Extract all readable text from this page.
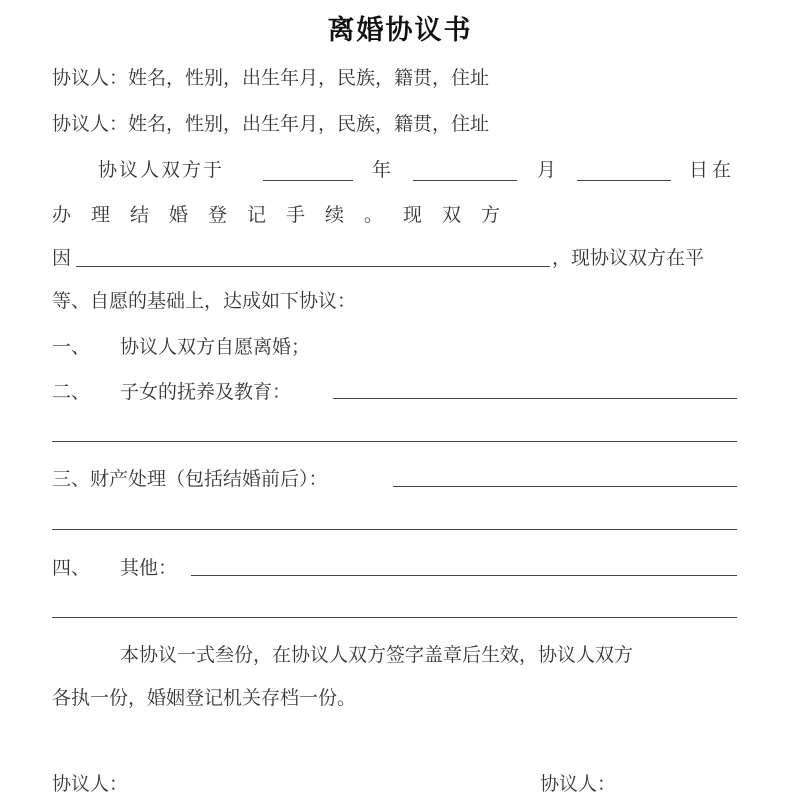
离婚协议书
协议人：姓名，性别，出生年月，民族，籍贯，住址
协议人：姓名，性别，出生年月，民族，籍贯，住址
协议人双方于	年	月	日在
办理结婚登记手续。现双方
因	，现协议双方在平
等、自愿的基础上，达成如下协议：
一、 协议人双方自愿离婚；
二、 子女的抚养及教育：
三、财产处理（包括结婚前后）：
四、 其他：
本协议一式叁份，在协议人双方签字盖章后生效，协议人双方
各执一份，婚姻登记机关存档一份。
协议人：	协议人：
